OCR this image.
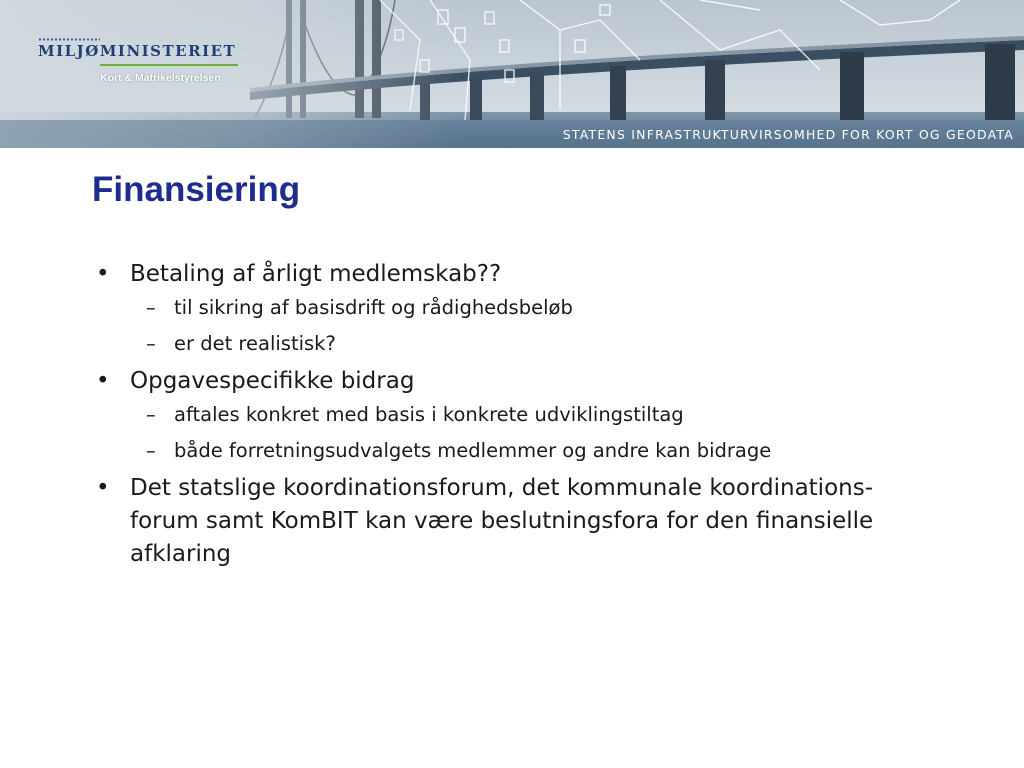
MILJØMINISTERIET
Kort & Matrikelstyrelsen
STATENS INFRASTRUKTURVIRSOMHED FOR KORT OG GEODATA
Finansiering
• Betaling af årligt medlemskab??
– til sikring af basisdrift og rådighedsbeløb
– er det realistisk?
• Opgavespecifikke bidrag
– aftales konkret med basis i konkrete udviklingstiltag
– både forretningsudvalgets medlemmer og andre kan bidrage
• Det statslige koordinationsforum, det kommunale koordinations-forum samt KomBIT kan være beslutningsfora for den finansielle afklaring
